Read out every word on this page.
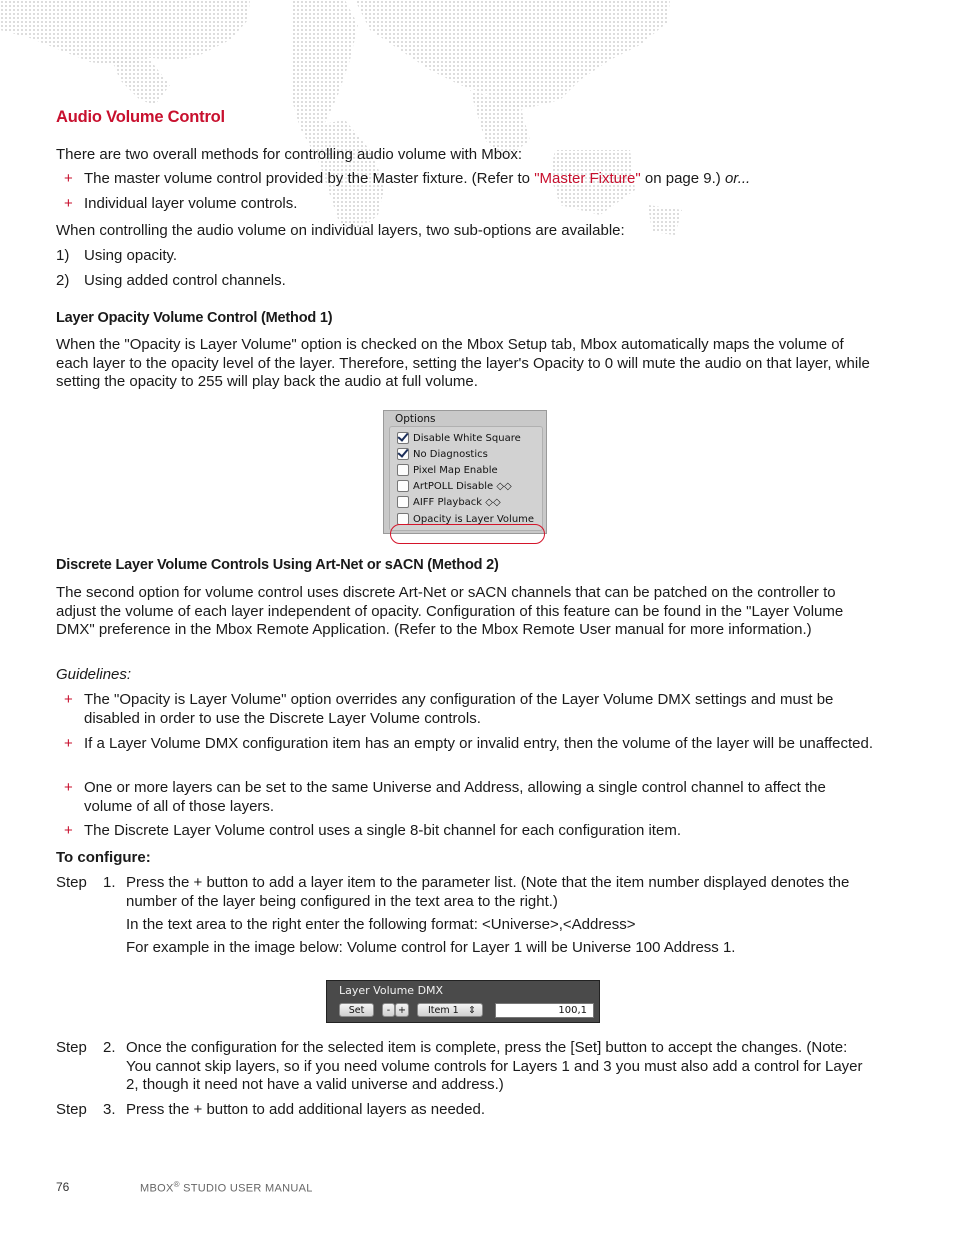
Audio Volume Control
There are two overall methods for controlling audio volume with Mbox:
+ The master volume control provided by the Master fixture. (Refer to "Master Fixture" on page 9.) or...
+ Individual layer volume controls.
When controlling the audio volume on individual layers, two sub-options are available:
1) Using opacity.
2) Using added control channels.
Layer Opacity Volume Control (Method 1)
When the "Opacity is Layer Volume" option is checked on the Mbox Setup tab, Mbox automatically maps the volume of each layer to the opacity level of the layer. Therefore, setting the layer's Opacity to 0 will mute the audio on that layer, while setting the opacity to 255 will play back the audio at full volume.
Options
Disable White Square
No Diagnostics
Pixel Map Enable
ArtPOLL Disable ◇◇
AIFF Playback ◇◇
Opacity is Layer Volume
Discrete Layer Volume Controls Using Art-Net or sACN (Method 2)
The second option for volume control uses discrete Art-Net or sACN channels that can be patched on the controller to adjust the volume of each layer independent of opacity. Configuration of this feature can be found in the "Layer Volume DMX" preference in the Mbox Remote Application. (Refer to the Mbox Remote User manual for more information.)
Guidelines:
+ The "Opacity is Layer Volume" option overrides any configuration of the Layer Volume DMX settings and must be disabled in order to use the Discrete Layer Volume controls.
+ If a Layer Volume DMX configuration item has an empty or invalid entry, then the volume of the layer will be unaffected.
+ One or more layers can be set to the same Universe and Address, allowing a single control channel to affect the volume of all of those layers.
+ The Discrete Layer Volume control uses a single 8-bit channel for each configuration item.
To configure:
Step 1. Press the + button to add a layer item to the parameter list. (Note that the item number displayed denotes the number of the layer being configured in the text area to the right.)
In the text area to the right enter the following format: <Universe>,<Address>
For example in the image below: Volume control for Layer 1 will be Universe 100 Address 1.
Layer Volume DMX
Set	- +	Item 1 ⇕	100,1
Step 2. Once the configuration for the selected item is complete, press the [Set] button to accept the changes. (Note: You cannot skip layers, so if you need volume controls for Layers 1 and 3 you must also add a control for Layer 2, though it need not have a valid universe and address.)
Step 3. Press the + button to add additional layers as needed.
76	MBOX® STUDIO USER MANUAL
